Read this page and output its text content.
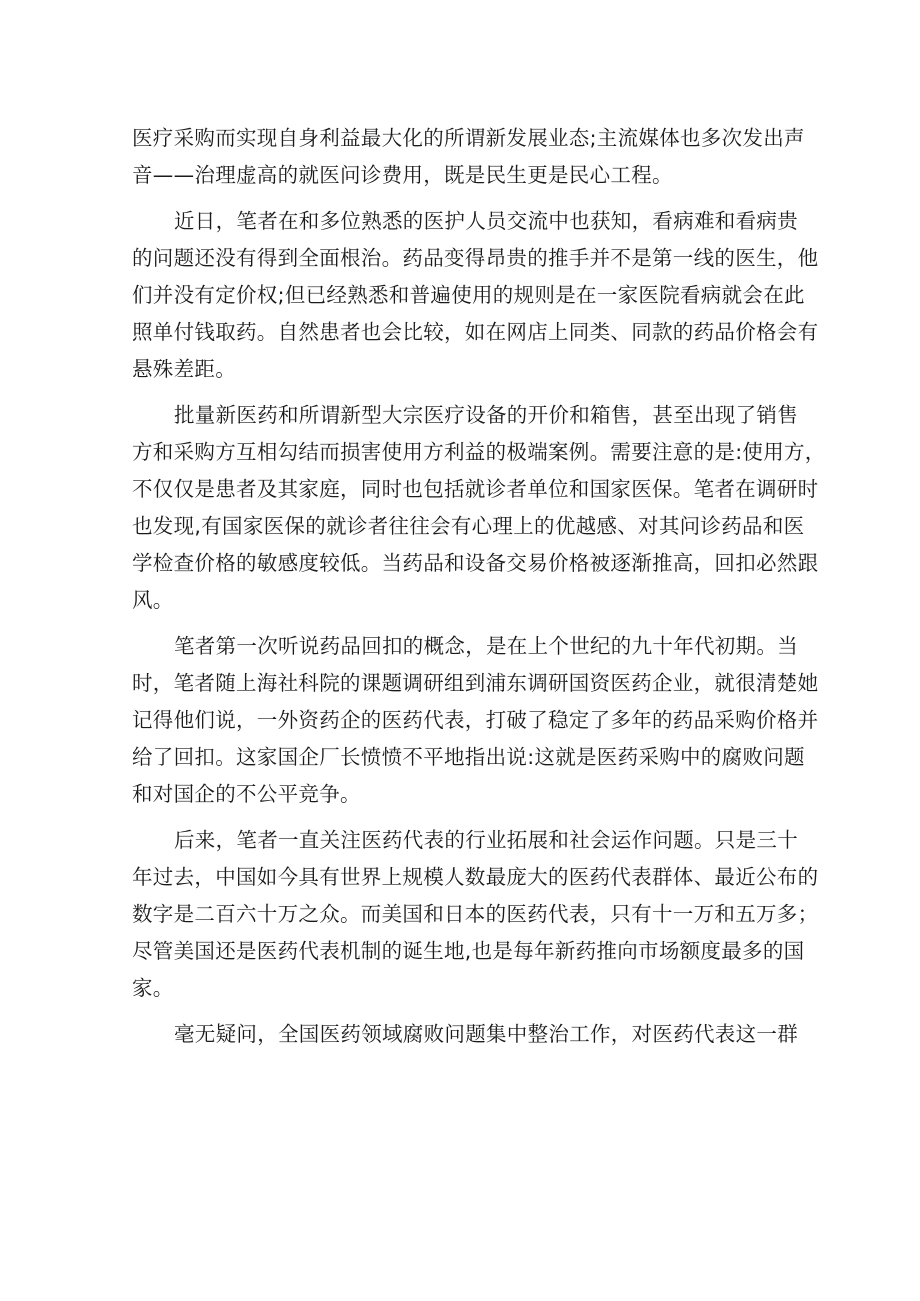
医疗采购而实现自身利益最大化的所谓新发展业态;主流媒体也多次发出声
音——治理虚高的就医问诊费用，既是民生更是民心工程。

近日，笔者在和多位熟悉的医护人员交流中也获知，看病难和看病贵
的问题还没有得到全面根治。药品变得昂贵的推手并不是第一线的医生，他
们并没有定价权;但已经熟悉和普遍使用的规则是在一家医院看病就会在此
照单付钱取药。自然患者也会比较，如在网店上同类、同款的药品价格会有
悬殊差距。

批量新医药和所谓新型大宗医疗设备的开价和箱售，甚至出现了销售
方和采购方互相勾结而损害使用方利益的极端案例。需要注意的是:使用方，
不仅仅是患者及其家庭，同时也包括就诊者单位和国家医保。笔者在调研时
也发现,有国家医保的就诊者往往会有心理上的优越感、对其问诊药品和医
学检查价格的敏感度较低。当药品和设备交易价格被逐渐推高，回扣必然跟
风。

笔者第一次听说药品回扣的概念，是在上个世纪的九十年代初期。当
时，笔者随上海社科院的课题调研组到浦东调研国资医药企业，就很清楚她
记得他们说，一外资药企的医药代表，打破了稳定了多年的药品采购价格并
给了回扣。这家国企厂长愤愤不平地指出说:这就是医药采购中的腐败问题
和对国企的不公平竞争。

后来，笔者一直关注医药代表的行业拓展和社会运作问题。只是三十
年过去，中国如今具有世界上规模人数最庞大的医药代表群体、最近公布的
数字是二百六十万之众。而美国和日本的医药代表，只有十一万和五万多；
尽管美国还是医药代表机制的诞生地,也是每年新药推向市场额度最多的国
家。

毫无疑问，全国医药领域腐败问题集中整治工作，对医药代表这一群
